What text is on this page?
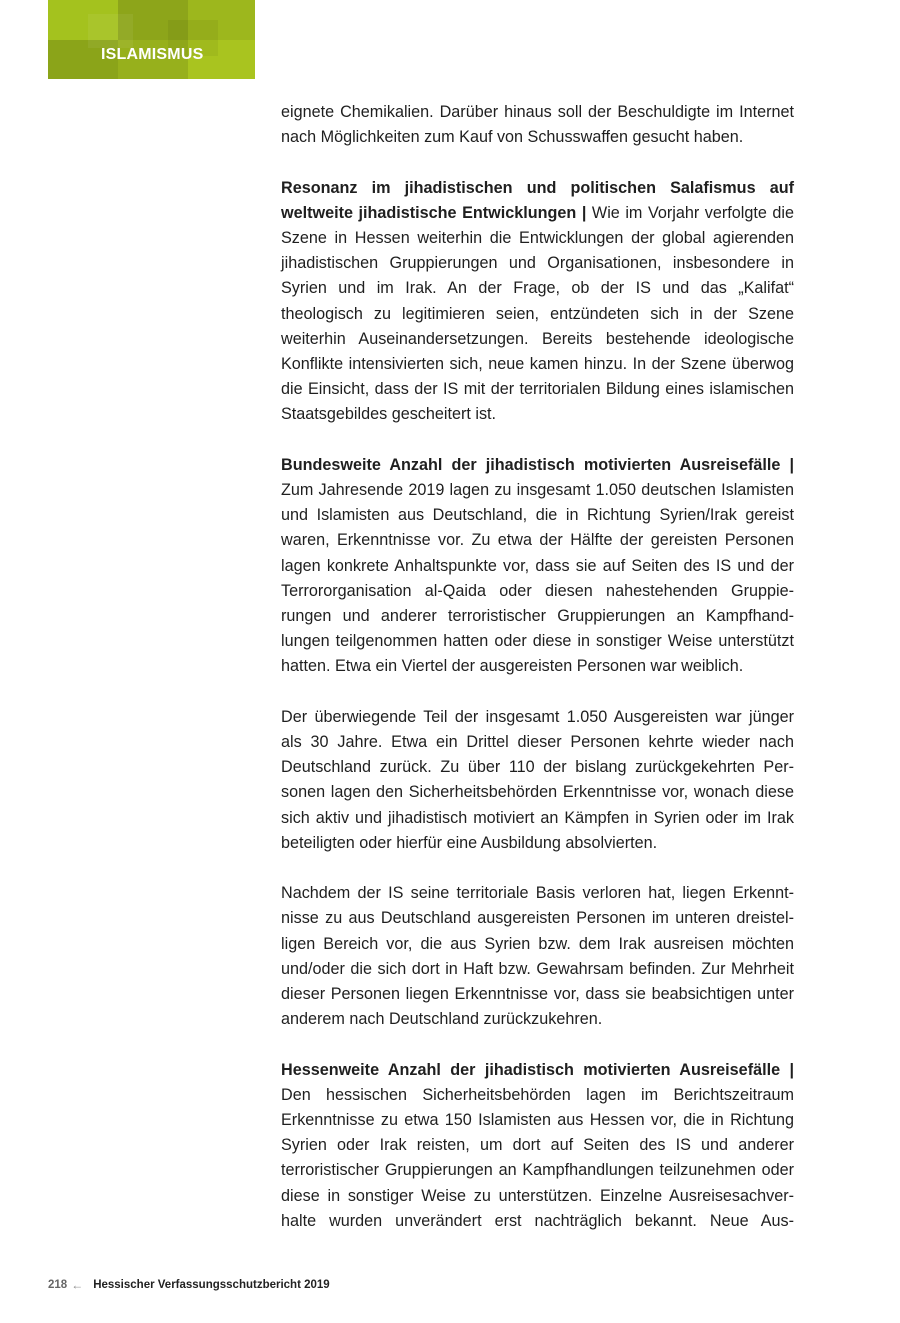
ISLAMISMUS

eignete Chemikalien. Darüber hinaus soll der Beschuldigte im Internet nach Möglichkeiten zum Kauf von Schusswaffen gesucht haben.

Resonanz im jihadistischen und politischen Salafismus auf weltweite jihadistische Entwicklungen | Wie im Vorjahr verfolgte die Szene in Hessen weiterhin die Entwicklungen der global agierenden jihadistischen Gruppierungen und Organisationen, insbesondere in Syrien und im Irak. An der Frage, ob der IS und das „Kalifat“ theologisch zu legitimieren seien, entzündeten sich in der Szene weiterhin Auseinandersetzungen. Bereits bestehende ideologische Konflikte intensivierten sich, neue kamen hinzu. In der Szene überwog die Einsicht, dass der IS mit der territorialen Bildung eines islamischen Staatsgebildes gescheitert ist.

Bundesweite Anzahl der jihadistisch motivierten Ausreisefälle | Zum Jahresende 2019 lagen zu insgesamt 1.050 deutschen Islamisten und Islamisten aus Deutschland, die in Richtung Syrien/Irak gereist waren, Erkenntnisse vor. Zu etwa der Hälfte der gereisten Personen lagen konkrete Anhaltspunkte vor, dass sie auf Seiten des IS und der Terrororganisation al-Qaida oder diesen nahestehenden Gruppierungen und anderer terroristischer Gruppierungen an Kampfhandlungen teilgenommen hatten oder diese in sonstiger Weise unterstützt hatten. Etwa ein Viertel der ausgereisten Personen war weiblich.

Der überwiegende Teil der insgesamt 1.050 Ausgereisten war jünger als 30 Jahre. Etwa ein Drittel dieser Personen kehrte wieder nach Deutschland zurück. Zu über 110 der bislang zurückgekehrten Personen lagen den Sicherheitsbehörden Erkenntnisse vor, wonach diese sich aktiv und jihadistisch motiviert an Kämpfen in Syrien oder im Irak beteiligten oder hierfür eine Ausbildung absolvierten.

Nachdem der IS seine territoriale Basis verloren hat, liegen Erkenntnisse zu aus Deutschland ausgereisten Personen im unteren dreistelligen Bereich vor, die aus Syrien bzw. dem Irak ausreisen möchten und/oder die sich dort in Haft bzw. Gewahrsam befinden. Zur Mehrheit dieser Personen liegen Erkenntnisse vor, dass sie beabsichtigen unter anderem nach Deutschland zurückzukehren.

Hessenweite Anzahl der jihadistisch motivierten Ausreisefälle | Den hessischen Sicherheitsbehörden lagen im Berichtszeitraum Erkenntnisse zu etwa 150 Islamisten aus Hessen vor, die in Richtung Syrien oder Irak reisten, um dort auf Seiten des IS und anderer terroristischer Gruppierungen an Kampfhandlungen teilzunehmen oder diese in sonstiger Weise zu unterstützen. Einzelne Ausreisesachverhalte wurden unverändert erst nachträglich bekannt. Neue Aus-

218 ← Hessischer Verfassungsschutzbericht 2019
